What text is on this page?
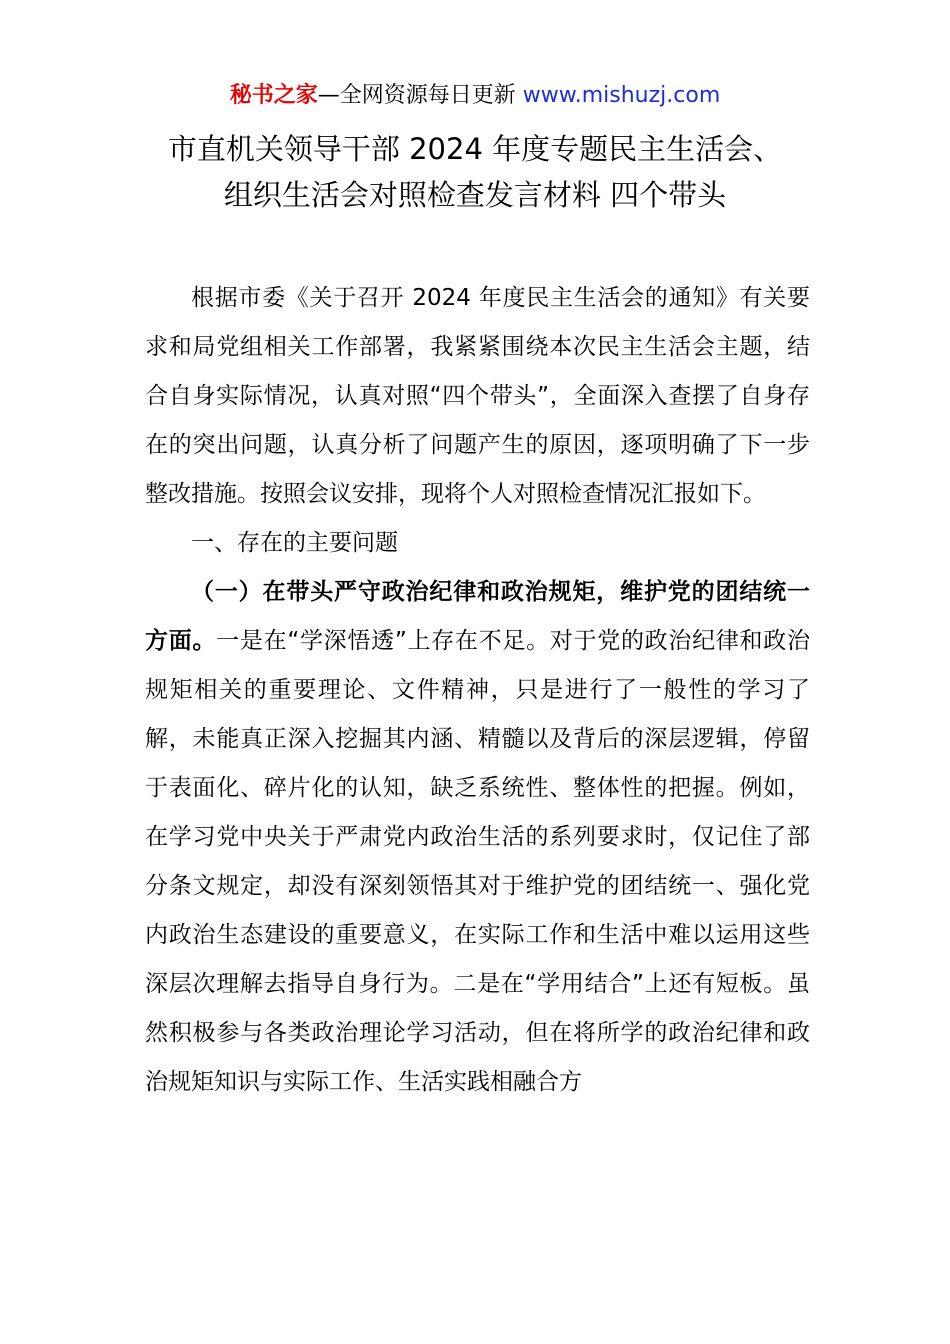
秘书之家—全网资源每日更新 www.mishuzj.com
市直机关领导干部 2024 年度专题民主生活会、
组织生活会对照检查发言材料 四个带头

根据市委《关于召开 2024 年度民主生活会的通知》有关要求和局党组相关工作部署，我紧紧围绕本次民主生活会主题，结合自身实际情况，认真对照“四个带头”，全面深入查摆了自身存在的突出问题，认真分析了问题产生的原因，逐项明确了下一步整改措施。按照会议安排，现将个人对照检查情况汇报如下。

一、存在的主要问题

（一）在带头严守政治纪律和政治规矩，维护党的团结统一方面。一是在“学深悟透”上存在不足。对于党的政治纪律和政治规矩相关的重要理论、文件精神，只是进行了一般性的学习了解，未能真正深入挖掘其内涵、精髓以及背后的深层逻辑，停留于表面化、碎片化的认知，缺乏系统性、整体性的把握。例如，在学习党中央关于严肃党内政治生活的系列要求时，仅记住了部分条文规定，却没有深刻领悟其对于维护党的团结统一、强化党内政治生态建设的重要意义，在实际工作和生活中难以运用这些深层次理解去指导自身行为。二是在“学用结合”上还有短板。虽然积极参与各类政治理论学习活动，但在将所学的政治纪律和政治规矩知识与实际工作、生活实践相融合方
